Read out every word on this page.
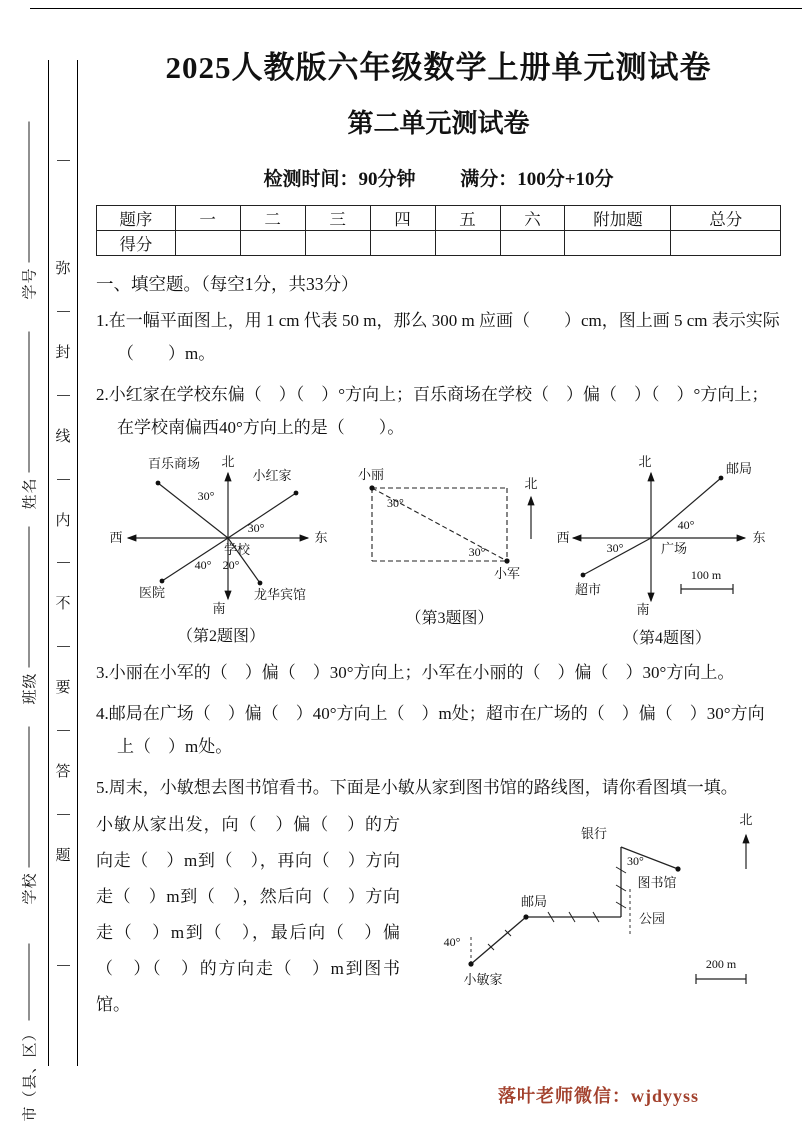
学号
姓名
班级
学校
市（县、区）
弥
封
线
内
不
要
答
题
2025人教版六年级数学上册单元测试卷
第二单元测试卷
检测时间：90分钟 满分：100分+10分
题序	一	二	三	四	五	六	附加题	总分
得分								
一、填空题。（每空1分，共33分）

1.在一幅平面图上，用 1 cm 代表 50 m，那么 300 m 应画（　　）cm，图上画 5 cm 表示实际（　　）m。

2.小红家在学校东偏（　）（　）°方向上；百乐商场在学校（　）偏（　）（　）°方向上；在学校南偏西40°方向上的是（　　）。

北
南
东
西
百乐商场
30°
小红家
30°
学校
40° 20°
医院	龙华宾馆
（第2题图）
小丽
30°
30°
小军
北
（第3题图）
北
南
东
西
邮局
40°
广场
30°
超市
100 m
（第4题图）

3.小丽在小军的（　）偏（　）30°方向上；小军在小丽的（　）偏（　）30°方向上。

4.邮局在广场（　）偏（　）40°方向上（　）m处；超市在广场的（　）偏（　）30°方向上（　）m处。

5.周末，小敏想去图书馆看书。下面是小敏从家到图书馆的路线图，请你看图填一填。

小敏从家出发，向（　）偏（　）的方向走（　）m到（　），再向（　）方向走（　）m到（　），然后向（　）方向走（　）m到（　），最后向（　）偏（　）（　）的方向走（　）m到图书馆。
北
40°
小敏家
邮局
银行
30°
公园
图书馆
200 m
落叶老师微信：wjdyyss
